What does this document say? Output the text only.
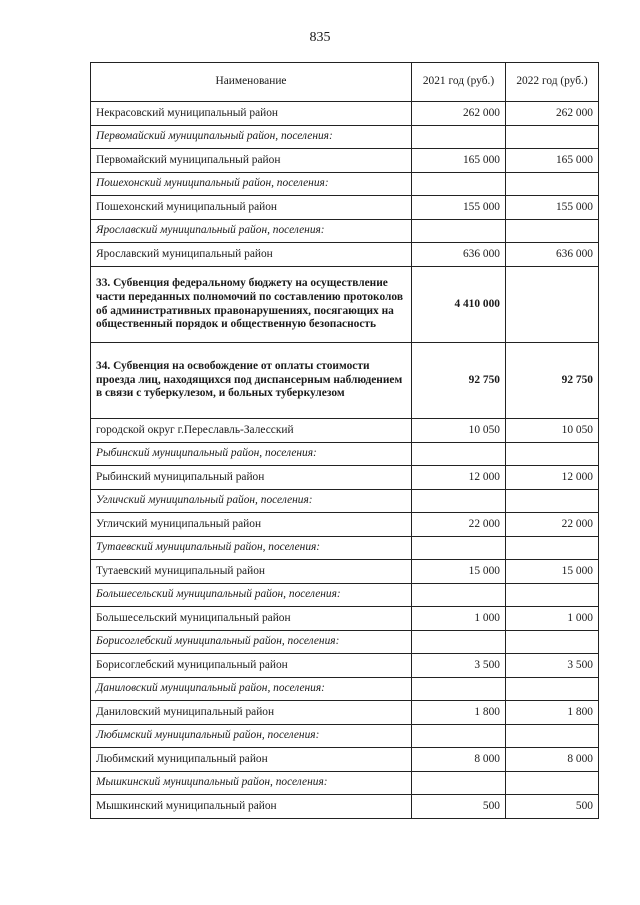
835
Наименование	2021 год (руб.)	2022 год (руб.)
Некрасовский муниципальный район	262 000	262 000
Первомайский муниципальный район, поселения:		
Первомайский муниципальный район	165 000	165 000
Пошехонский муниципальный район, поселения:		
Пошехонский муниципальный район	155 000	155 000
Ярославский муниципальный район, поселения:		
Ярославский муниципальный район	636 000	636 000
33. Субвенция федеральному бюджету на осуществление части переданных полномочий по составлению протоколов об административных правонарушениях, посягающих на общественный порядок и общественную безопасность	4 410 000	
34. Субвенция на освобождение от оплаты стоимости проезда лиц, находящихся под диспансерным наблюдением в связи с туберкулезом, и больных туберкулезом	92 750	92 750
городской округ г.Переславль-Залесский	10 050	10 050
Рыбинский муниципальный район, поселения:		
Рыбинский муниципальный район	12 000	12 000
Угличский муниципальный район, поселения:		
Угличский муниципальный район	22 000	22 000
Тутаевский муниципальный район, поселения:		
Тутаевский муниципальный район	15 000	15 000
Большесельский муниципальный район, поселения:		
Большесельский муниципальный район	1 000	1 000
Борисоглебский муниципальный район, поселения:		
Борисоглебский муниципальный район	3 500	3 500
Даниловский муниципальный район, поселения:		
Даниловский муниципальный район	1 800	1 800
Любимский муниципальный район, поселения:		
Любимский муниципальный район	8 000	8 000
Мышкинский муниципальный район, поселения:		
Мышкинский муниципальный район	500	500
